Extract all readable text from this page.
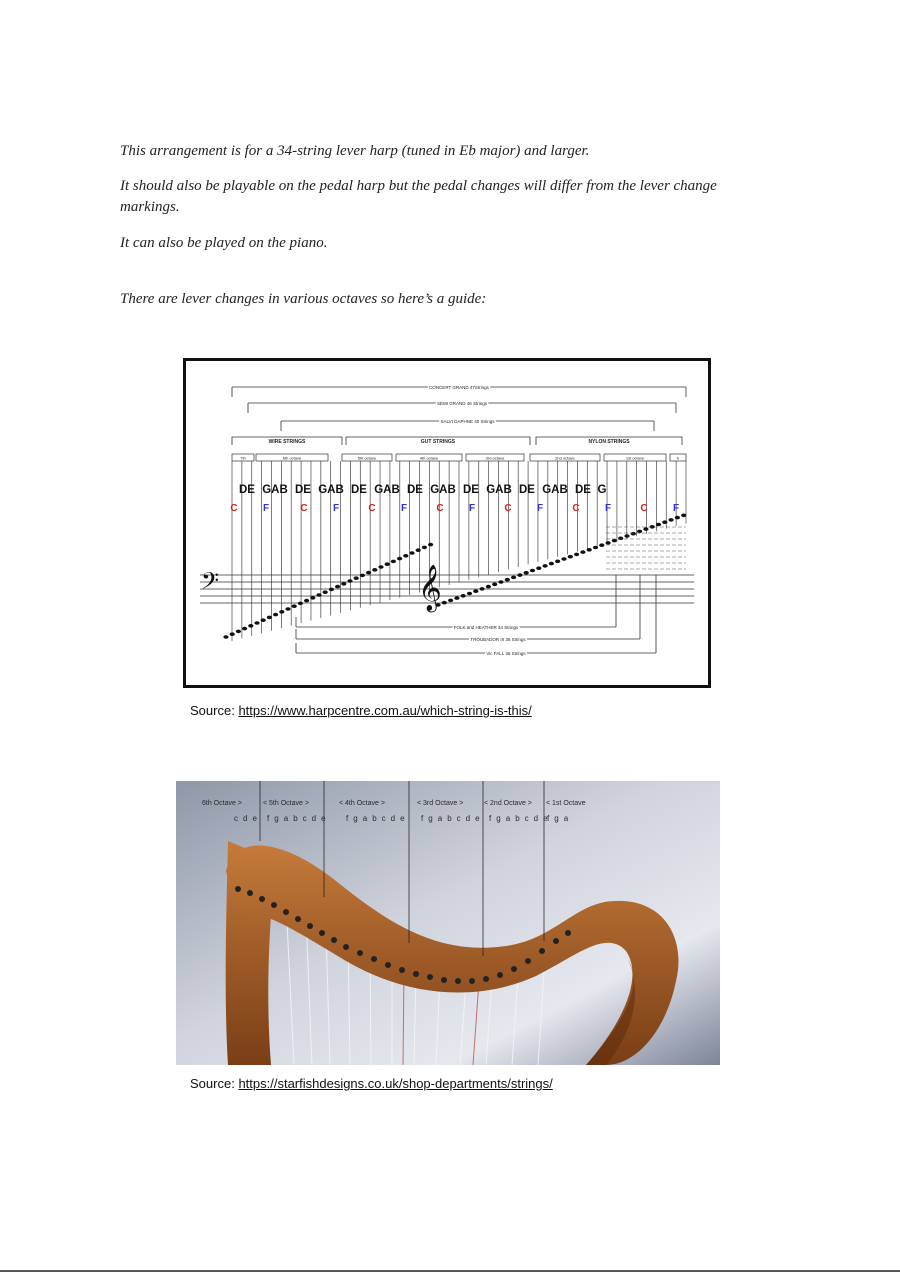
This arrangement is for a 34-string lever harp (tuned in Eb major) and larger.

It should also be playable on the pedal harp but the pedal changes will differ from the lever change markings.

It can also be played on the piano.

There are lever changes in various octaves so here’s a guide:

CONCERT GRAND 47Strings
SEMI GRAND 46 Strings
SALVI DAPHNE 40 Strings
WIRE STRINGS	GUT STRINGS	NYLON STRINGS
7th	6th octave	5th octave	4th octave	3rd octave	2nd octave	1st octave	0
DE GAB DE GAB DE GAB DE GAB DE GAB DE GAB DE G
C	C	C	C	C	C	C
F	F	F	F	F	F	F
𝄢	𝄞
FOLK and HEATHER 34 Strings
TROUBADOR III 36 Strings
Vic FALL 36 Strings
Source: https://www.harpcentre.com.au/which-string-is-this/
6th Octave >
c d e
< 5th Octave >
f g a b c d e
< 4th Octave >
f g a b c d e
< 3rd Octave >
f g a b c d e
< 2nd Octave >
f g a b c d e
< 1st Octave
f g a
Source: https://starfishdesigns.co.uk/shop-departments/strings/
